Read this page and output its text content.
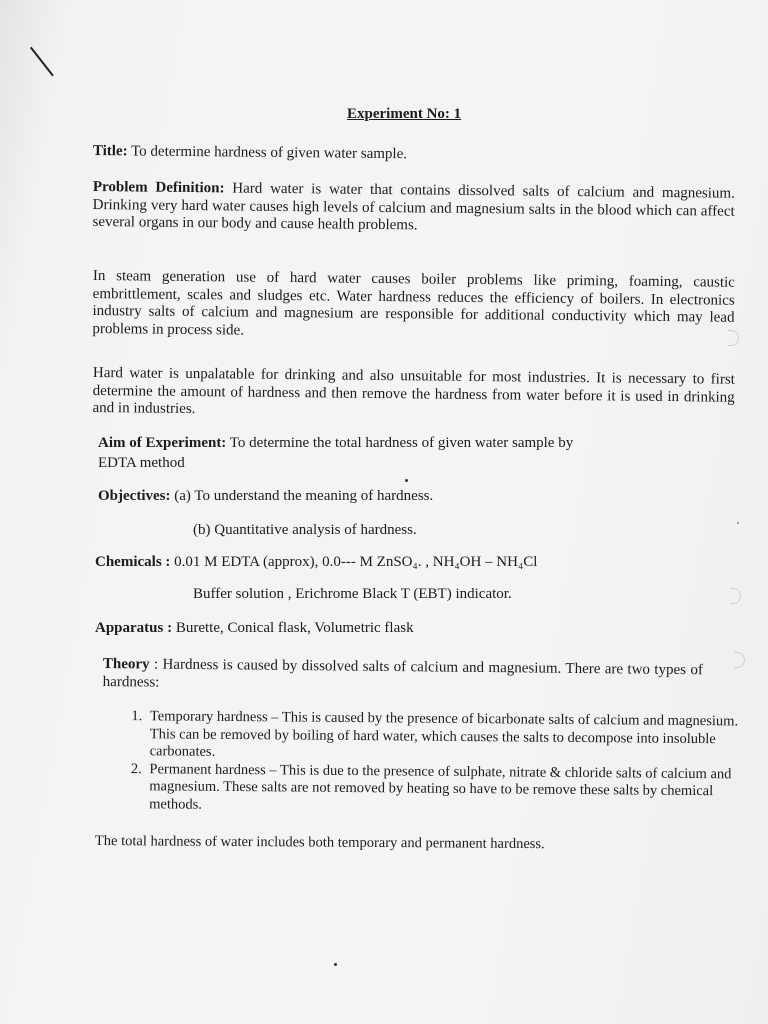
Experiment No: 1
Title: To determine hardness of given water sample.
Problem Definition: Hard water is water that contains dissolved salts of calcium and magnesium. Drinking very hard water causes high levels of calcium and magnesium salts in the blood which can affect several organs in our body and cause health problems.
In steam generation use of hard water causes boiler problems like priming, foaming, caustic embrittlement, scales and sludges etc. Water hardness reduces the efficiency of boilers. In electronics industry salts of calcium and magnesium are responsible for additional conductivity which may lead problems in process side.
Hard water is unpalatable for drinking and also unsuitable for most industries. It is necessary to first determine the amount of hardness and then remove the hardness from water before it is used in drinking and in industries.
Aim of Experiment: To determine the total hardness of given water sample by
EDTA method
Objectives: (a) To understand the meaning of hardness.
(b) Quantitative analysis of hardness.
Chemicals : 0.01 M EDTA (approx), 0.0--- M ZnSO₄. , NH₄OH – NH₄Cl
Buffer solution , Erichrome Black T (EBT) indicator.
Apparatus : Burette, Conical flask, Volumetric flask
Theory : Hardness is caused by dissolved salts of calcium and magnesium. There are two types of hardness:
1. Temporary hardness – This is caused by the presence of bicarbonate salts of calcium and magnesium. This can be removed by boiling of hard water, which causes the salts to decompose into insoluble carbonates.
2. Permanent hardness – This is due to the presence of sulphate, nitrate & chloride salts of calcium and magnesium. These salts are not removed by heating so have to be remove these salts by chemical methods.
The total hardness of water includes both temporary and permanent hardness.
